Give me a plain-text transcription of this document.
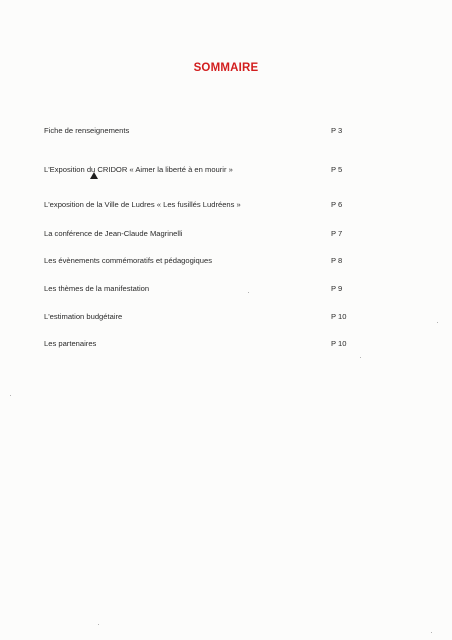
SOMMAIRE
Fiche de renseignements	P 3
L'Exposition du CRIDOR « Aimer la liberté à en mourir »	P 5
L'exposition de la Ville de Ludres « Les fusillés Ludréens »	P 6
La conférence de Jean-Claude Magrinelli	P 7
Les évènements commémoratifs et pédagogiques	P 8
Les thèmes de la manifestation	P 9
L'estimation budgétaire	P 10
Les partenaires	P 10
